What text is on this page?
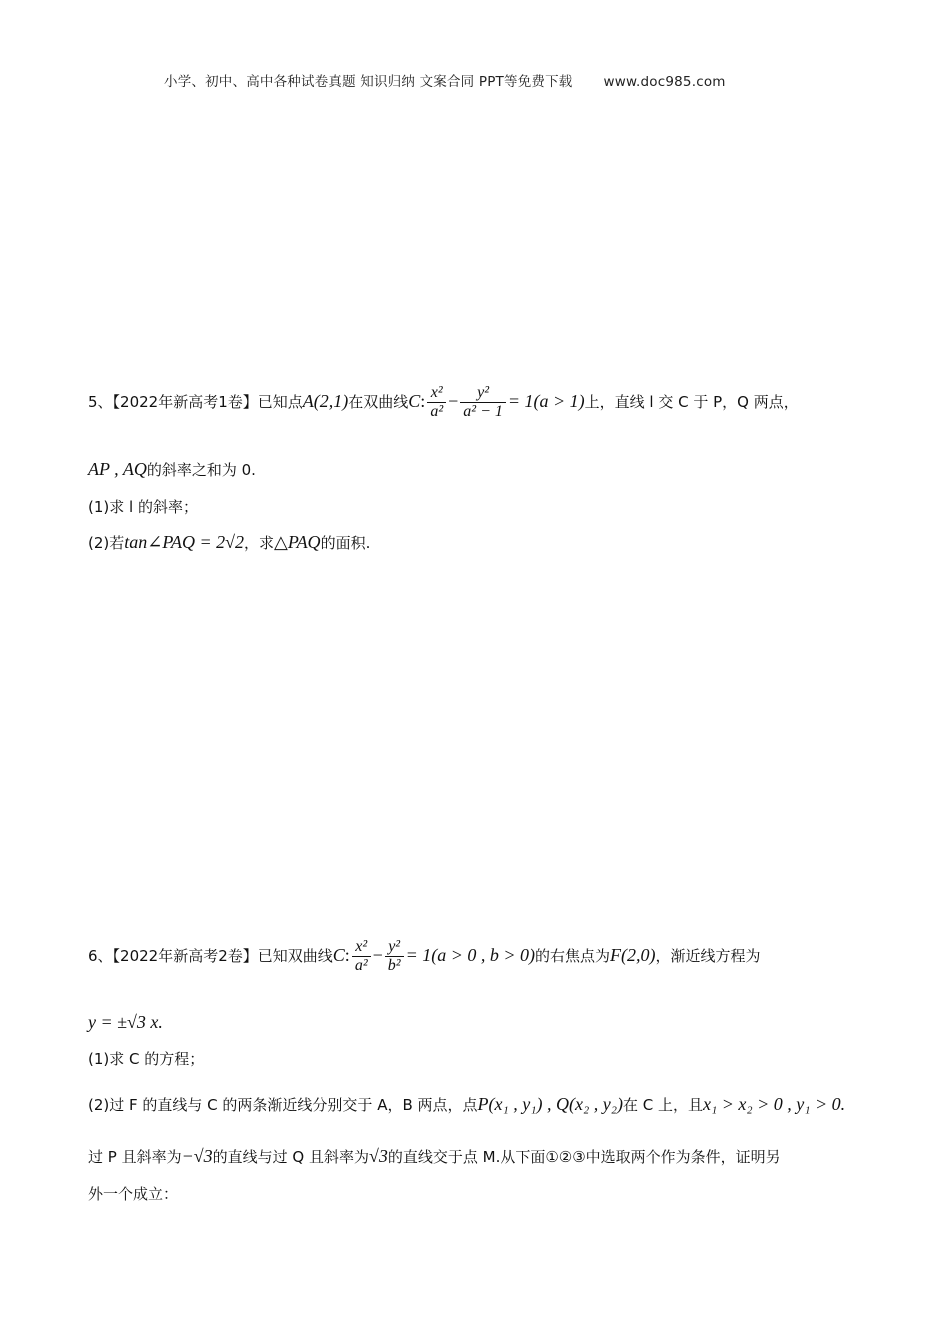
小学、初中、高中各种试卷真题 知识归纳 文案合同 PPT等免费下载 www.doc985.com
5、【2022年新高考1卷】已知点A(2,1)在双曲线C: $\frac{\text{x²}}{\text{a²}} - \frac{\text{y²}}{\text{a² − 1}} = 1(a > 1)$上，直线 l 交 C 于 P，Q 两点，
AP , AQ的斜率之和为 0.
(1)求 l 的斜率；
(2)若tan∠PAQ = 2√2，求△PAQ的面积.
6、【2022年新高考2卷】已知双曲线C: $\frac{\text{x²}}{\text{a²}} - \frac{\text{y²}}{\text{b²}} = 1(a > 0$ , b > 0)的右焦点为F(2,0)，渐近线方程为
y = ±√3 x.
(1)求 C 的方程；
(2)过 F 的直线与 C 的两条渐近线分别交于 A，B 两点，点P(x₁ , y₁) , Q(x₂ , y₂)在 C 上，且x₁ > x₂ > 0 , y₁ > 0.
过 P 且斜率为−√3的直线与过 Q 且斜率为√3的直线交于点 M.从下面①②③中选取两个作为条件，证明另
外一个成立：
